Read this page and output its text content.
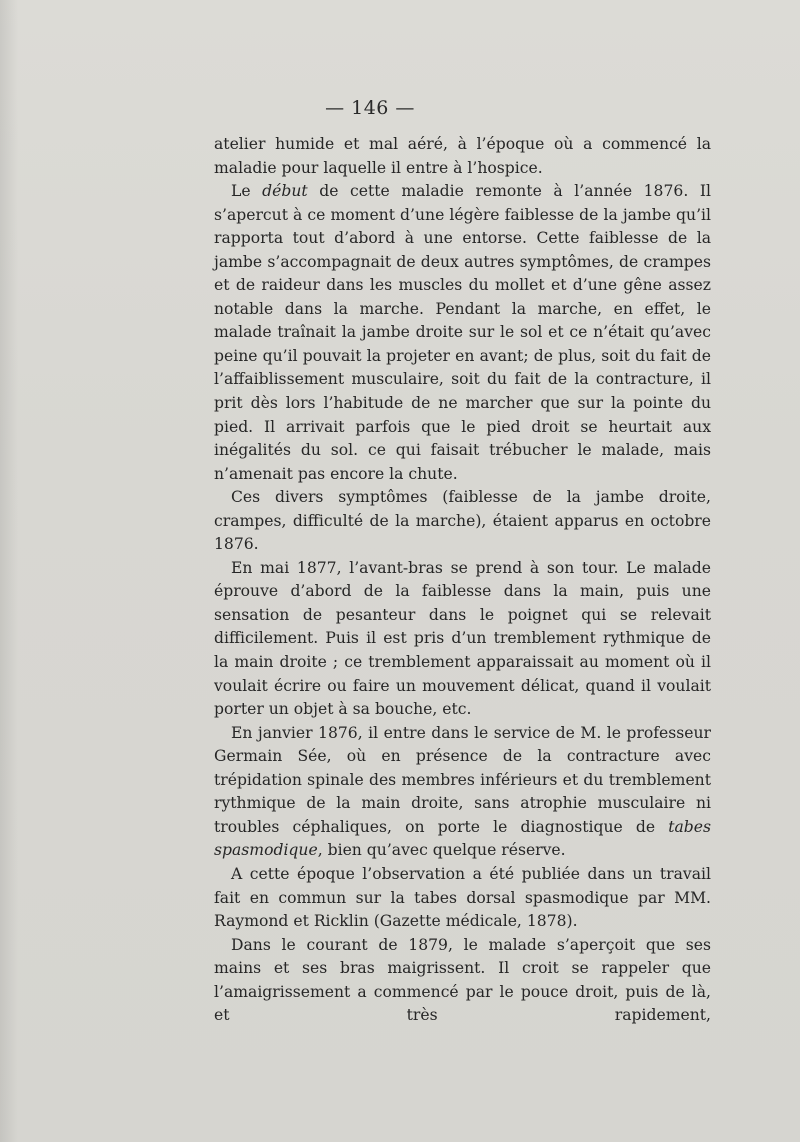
— 146 —

atelier humide et mal aéré, à l’époque où a commencé la maladie pour laquelle il entre à l’hospice.

Le début de cette maladie remonte à l’année 1876. Il s’apercut à ce moment d’une légère faiblesse de la jambe qu’il rapporta tout d’abord à une entorse. Cette faiblesse de la jambe s’accompagnait de deux autres symptômes, de crampes et de raideur dans les muscles du mollet et d’une gêne assez notable dans la marche. Pendant la marche, en effet, le malade traînait la jambe droite sur le sol et ce n’était qu’avec peine qu’il pouvait la projeter en avant; de plus, soit du fait de l’affaiblissement musculaire, soit du fait de la contracture, il prit dès lors l’habitude de ne marcher que sur la pointe du pied. Il arrivait parfois que le pied droit se heurtait aux inégalités du sol. ce qui faisait trébucher le malade, mais n’amenait pas encore la chute.

Ces divers symptômes (faiblesse de la jambe droite, crampes, difficulté de la marche), étaient apparus en octobre 1876.

En mai 1877, l’avant-bras se prend à son tour. Le malade éprouve d’abord de la faiblesse dans la main, puis une sensation de pesanteur dans le poignet qui se relevait difficilement. Puis il est pris d’un tremblement rythmique de la main droite ; ce tremblement apparaissait au moment où il voulait écrire ou faire un mouvement délicat, quand il voulait porter un objet à sa bouche, etc.

En janvier 1876, il entre dans le service de M. le professeur Germain Sée, où en présence de la contracture avec trépidation spinale des membres inférieurs et du tremblement rythmique de la main droite, sans atrophie musculaire ni troubles céphaliques, on porte le diagnostique de tabes spasmodique, bien qu’avec quelque réserve.

A cette époque l’observation a été publiée dans un travail fait en commun sur la tabes dorsal spasmodique par MM. Raymond et Ricklin (Gazette médicale, 1878).

Dans le courant de 1879, le malade s’aperçoit que ses mains et ses bras maigrissent. Il croit se rappeler que l’amaigrissement a commencé par le pouce droit, puis de là, et très rapidement,
